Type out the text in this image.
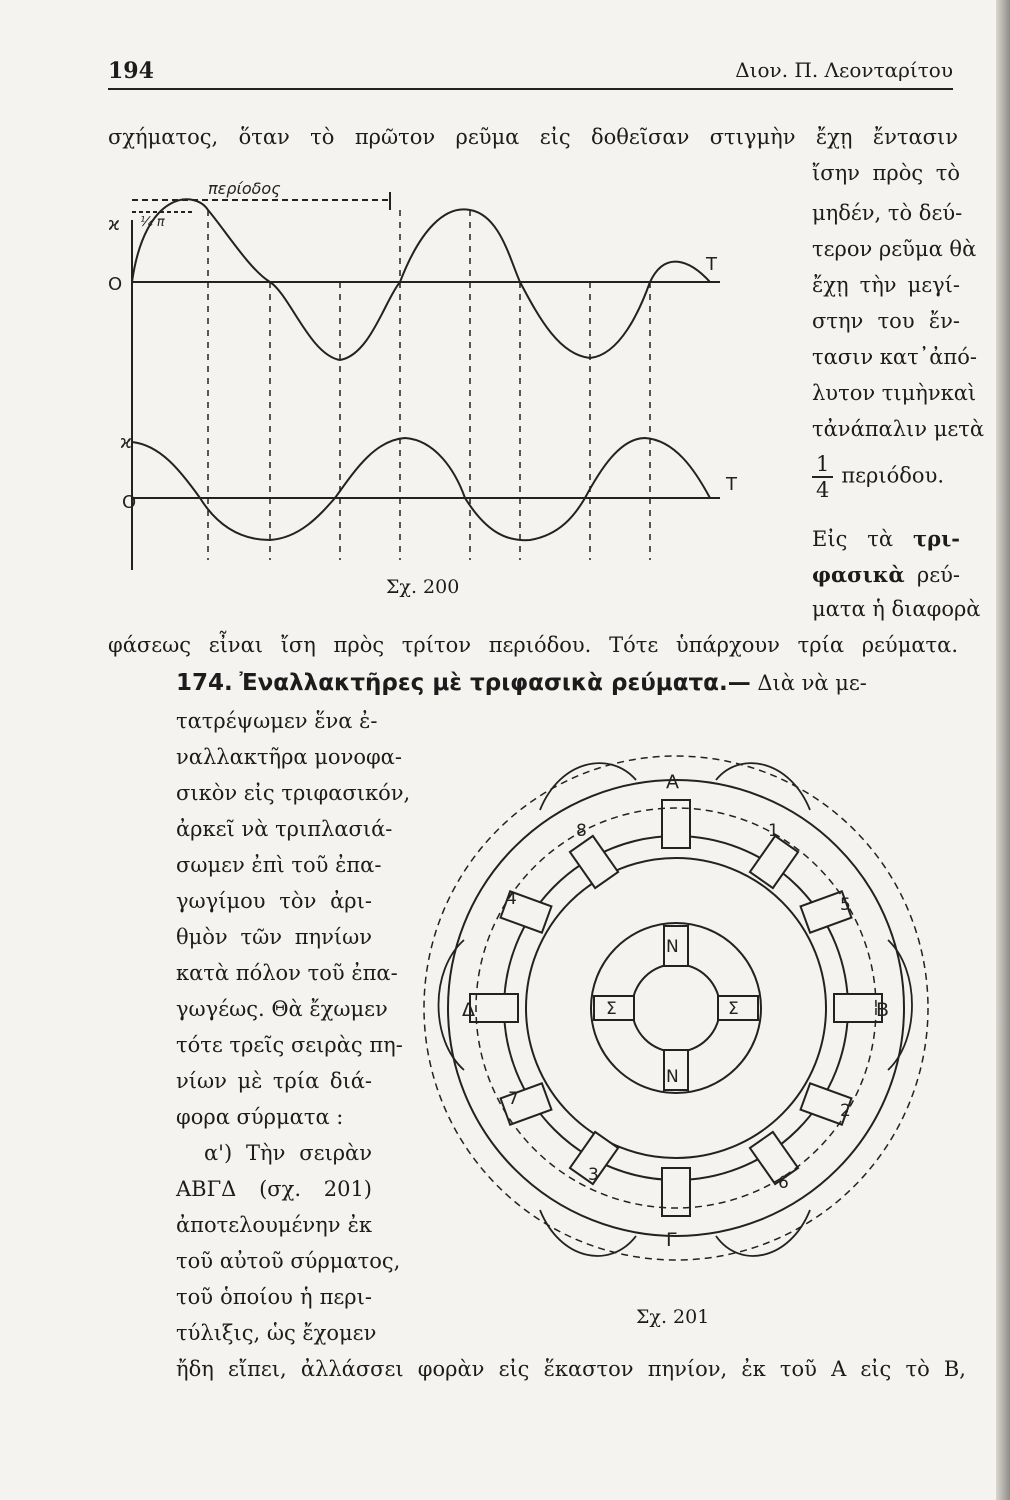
194	Διον. Π. Λεονταρίτου
σχήματος, ὅταν τὸ πρῶτον ρεῦμα εἰς δοθεῖσαν στιγμὴν ἔχῃ ἔντασιν
ἴσην πρὸς τὸ
μηδέν, τὸ δεύ-
τερον ρεῦμα θὰ
ἔχῃ τὴν μεγί-
στην του ἔν-
τασιν κατ᾽ἀπό-
λυτον τιμὴνκαὶ
τἀνάπαλιν μετὰ
$\frac{1}{4} \pi\varepsilon\rho\iota ό\delta o\upsilon$.
Εἰς τὰ τρι-
φασικὰ ρεύ-
ματα ἡ διαφορὰ
φάσεως εἶναι ἴση πρὸς τρίτον περιόδου. Τότε ὑπάρχουν τρία ρεύματα.
174. Ἐναλλακτῆρες μὲ τριφασικὰ ρεύματα.— Διὰ νὰ με-
τατρέψωμεν ἕνα ἐ-
ναλλακτῆρα μονοφα-
σικὸν εἰς τριφασικόν,
ἀρκεῖ νὰ τριπλασιά-
σωμεν ἐπὶ τοῦ ἐπα-
γωγίμου τὸν ἀρι-
θμὸν τῶν πηνίων
κατὰ πόλον τοῦ ἐπα-
γωγέως. Θὰ ἔχωμεν
τότε τρεῖς σειρὰς πη-
νίων μὲ τρία διά-
φορα σύρματα :
α') Τὴν σειρὰν
ΑΒΓΔ (σχ. 201)
ἀποτελουμένην ἐκ
τοῦ αὐτοῦ σύρματος,
τοῦ ὁποίου ἡ περι-
τύλιξις, ὡς ἔχομεν
ἤδη εἴπει, ἀλλάσσει φορὰν εἰς ἕκαστον πηνίον, ἐκ τοῦ Α εἰς τὸ Β,
περίοδος
¼ π
ϰ
Ο
T
ϰ
Ο
T
Σχ. 200
Ν
Σ
Ν
Σ
Α
Β
Γ
Δ
8	1
5
2
6
3
7
4
Σχ. 201
